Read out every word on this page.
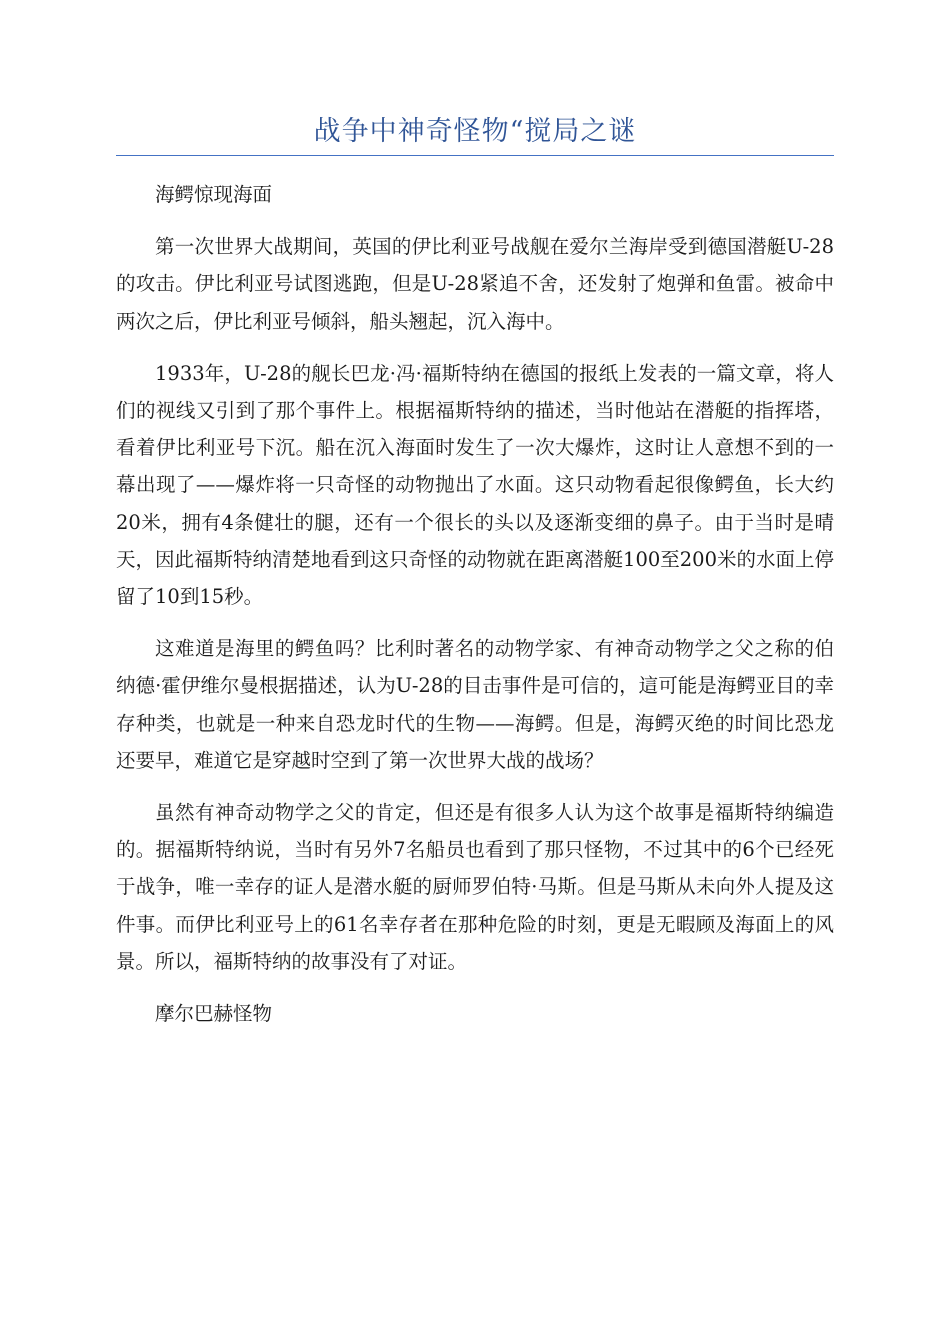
战争中神奇怪物“搅局之谜

海鳄惊现海面

第一次世界大战期间，英国的伊比利亚号战舰在爱尔兰海岸受到德国潜艇U-28的攻击。伊比利亚号试图逃跑，但是U-28紧追不舍，还发射了炮弹和鱼雷。被命中两次之后，伊比利亚号倾斜，船头翘起，沉入海中。

1933年，U-28的舰长巴龙·冯·福斯特纳在德国的报纸上发表的一篇文章，将人们的视线又引到了那个事件上。根据福斯特纳的描述，当时他站在潜艇的指挥塔，看着伊比利亚号下沉。船在沉入海面时发生了一次大爆炸，这时让人意想不到的一幕出现了——爆炸将一只奇怪的动物抛出了水面。这只动物看起很像鳄鱼，长大约20米，拥有4条健壮的腿，还有一个很长的头以及逐渐变细的鼻子。由于当时是晴天，因此福斯特纳清楚地看到这只奇怪的动物就在距离潜艇100至200米的水面上停留了10到15秒。

这难道是海里的鳄鱼吗？比利时著名的动物学家、有神奇动物学之父之称的伯纳德·霍伊维尔曼根据描述，认为U-28的目击事件是可信的，這可能是海鳄亚目的幸存种类，也就是一种来自恐龙时代的生物——海鳄。但是，海鳄灭绝的时间比恐龙还要早，难道它是穿越时空到了第一次世界大战的战场？

虽然有神奇动物学之父的肯定，但还是有很多人认为这个故事是福斯特纳编造的。据福斯特纳说，当时有另外7名船员也看到了那只怪物，不过其中的6个已经死于战争，唯一幸存的证人是潜水艇的厨师罗伯特·马斯。但是马斯从未向外人提及这件事。而伊比利亚号上的61名幸存者在那种危险的时刻，更是无暇顾及海面上的风景。所以，福斯特纳的故事没有了对证。

摩尔巴赫怪物
